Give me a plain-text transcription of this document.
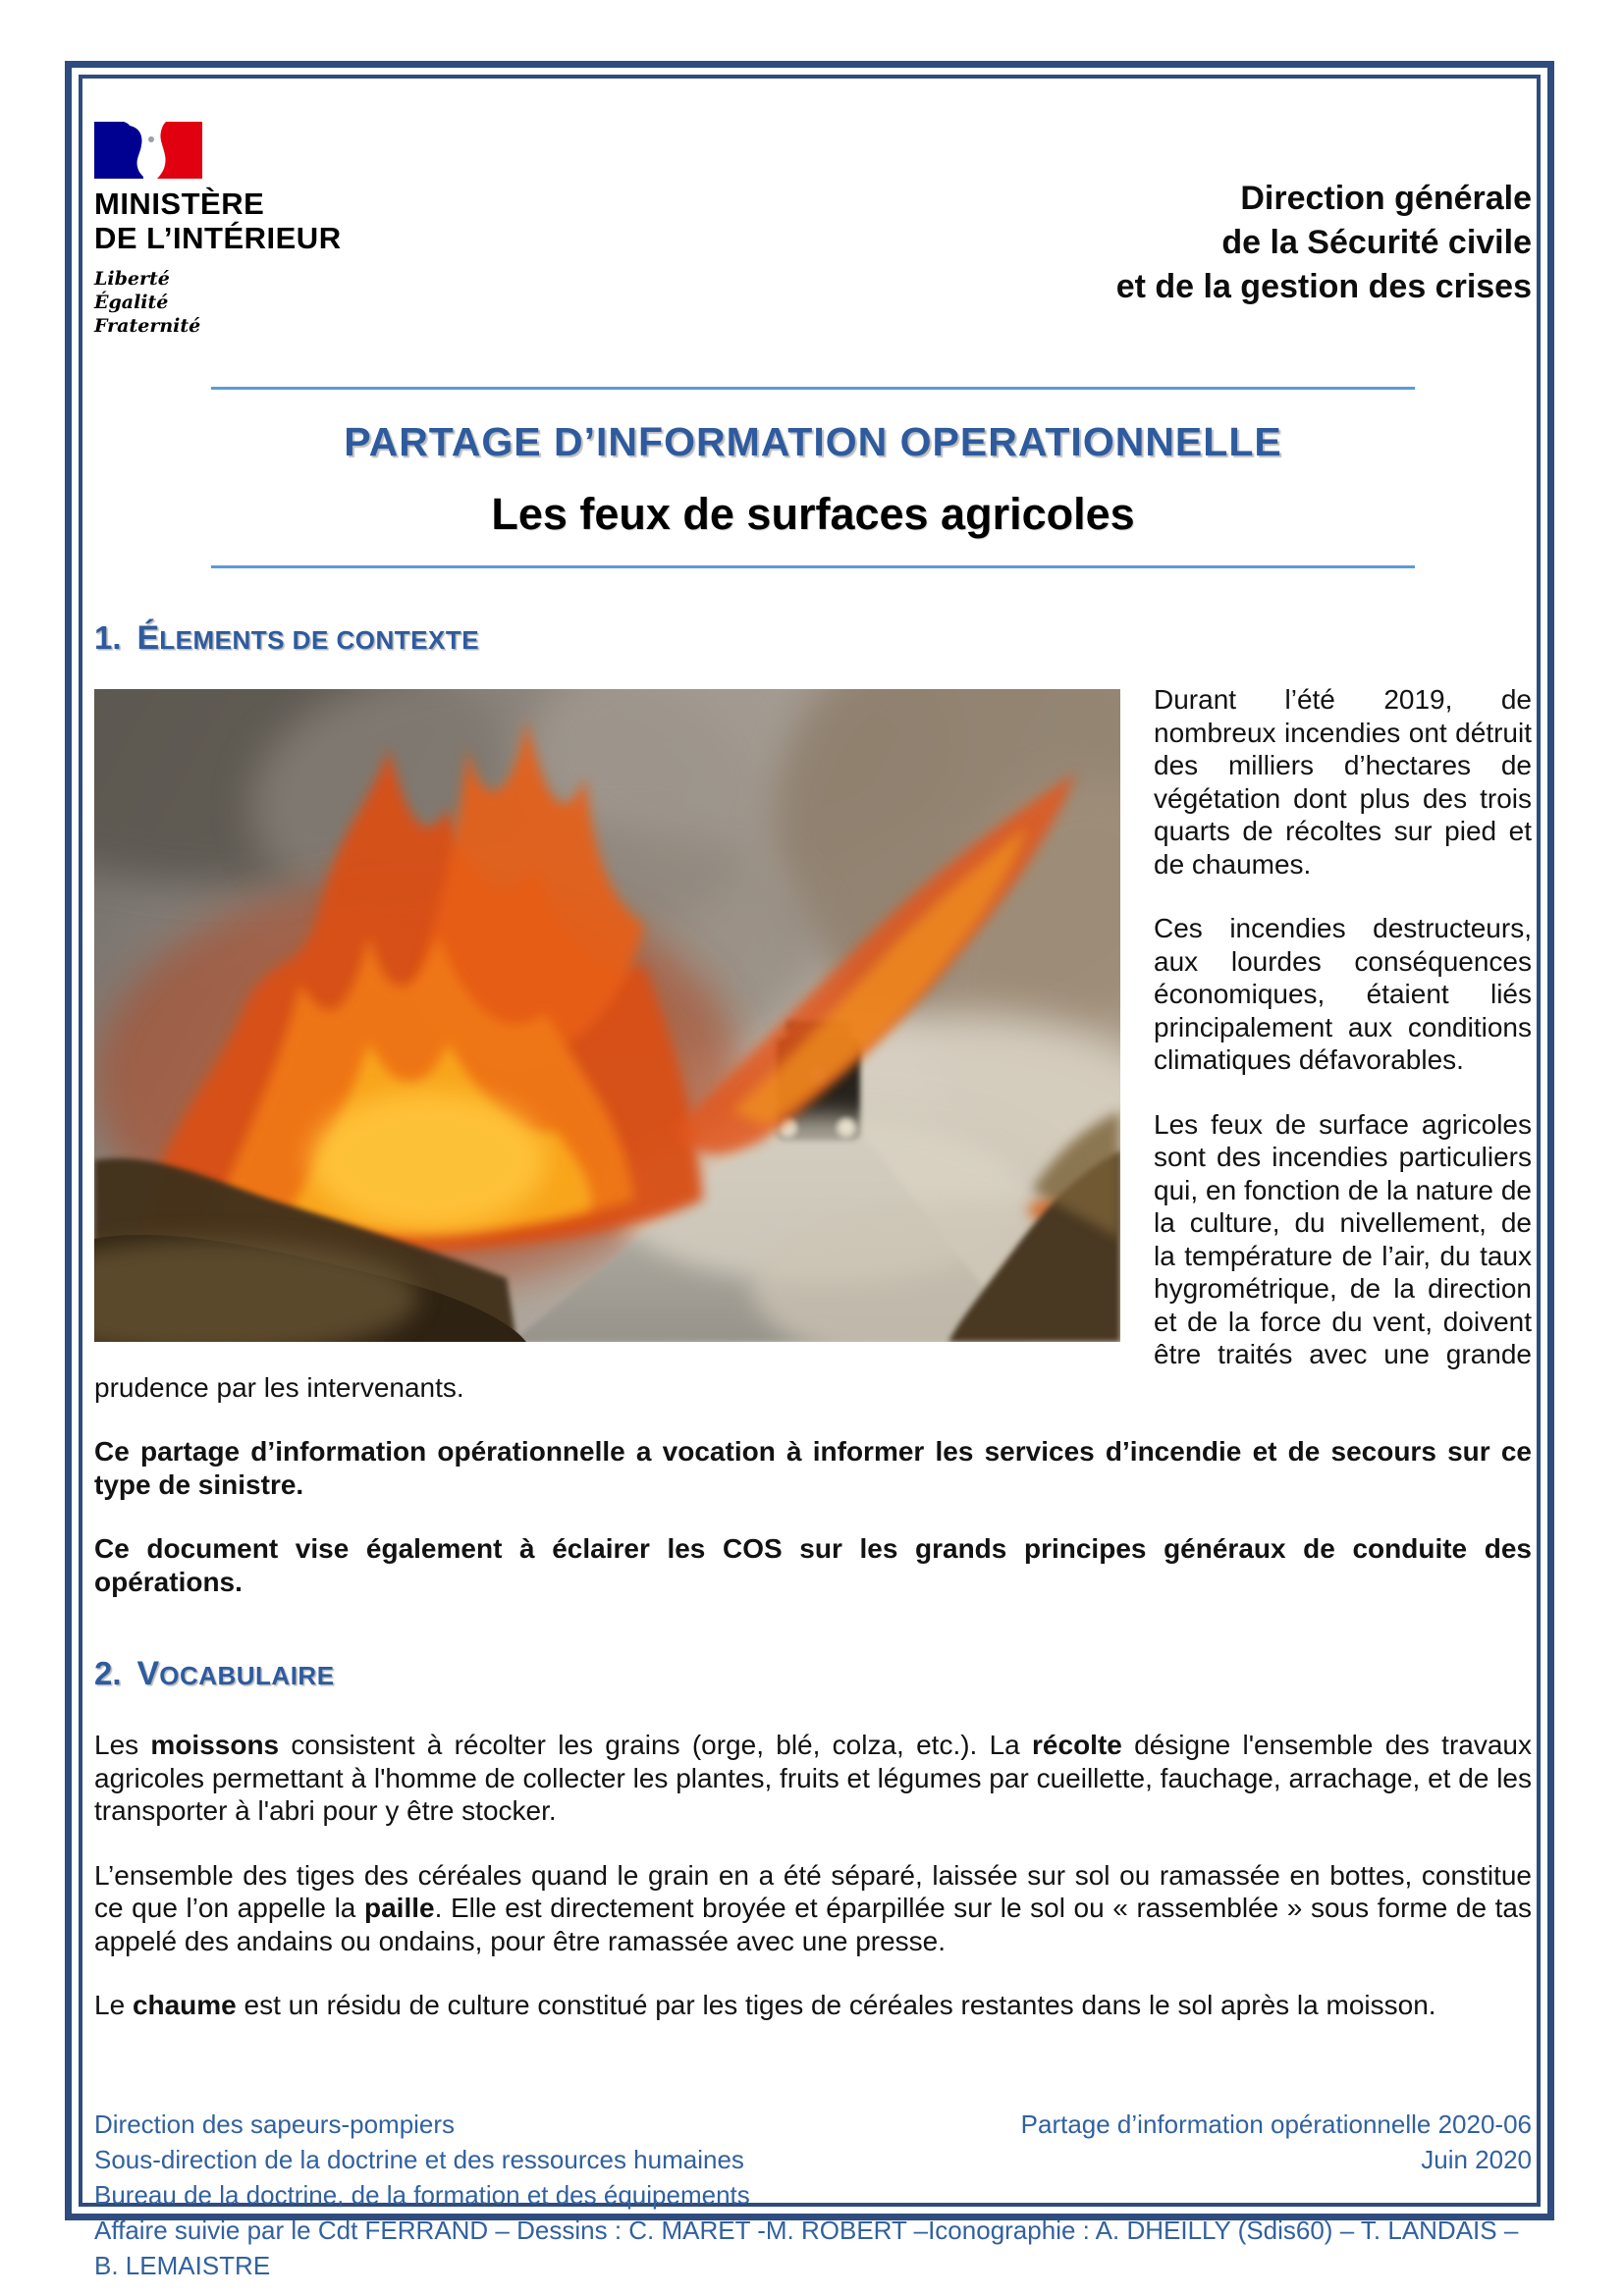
MINISTÈRE
DE L’INTÉRIEUR
Liberté
Égalité
Fraternité
Direction générale
de la Sécurité civile
et de la gestion des crises
PARTAGE D’INFORMATION OPERATIONNELLE
Les feux de surfaces agricoles
1. ÉLEMENTS DE CONTEXTE

Durant l’été 2019, de nombreux incendies ont détruit des milliers d’hectares de végétation dont plus des trois quarts de récoltes sur pied et de chaumes.

Ces incendies destructeurs, aux lourdes conséquences économiques, étaient liés principalement aux conditions climatiques défavorables.

Les feux de surface agricoles sont des incendies particuliers qui, en fonction de la nature de la culture, du nivellement, de la température de l’air, du taux hygrométrique, de la direction et de la force du vent, doivent être traités avec une grande prudence par les intervenants.

Ce partage d’information opérationnelle a vocation à informer les services d’incendie et de secours sur ce type de sinistre.

Ce document vise également à éclairer les COS sur les grands principes généraux de conduite des opérations.

2. VOCABULAIRE

Les moissons consistent à récolter les grains (orge, blé, colza, etc.). La récolte désigne l'ensemble des travaux agricoles permettant à l'homme de collecter les plantes, fruits et légumes par cueillette, fauchage, arrachage, et de les transporter à l'abri pour y être stocker.

L’ensemble des tiges des céréales quand le grain en a été séparé, laissée sur sol ou ramassée en bottes, constitue ce que l’on appelle la paille. Elle est directement broyée et éparpillée sur le sol ou « rassemblée » sous forme de tas appelé des andains ou ondains, pour être ramassée avec une presse.

Le chaume est un résidu de culture constitué par les tiges de céréales restantes dans le sol après la moisson.

Direction des sapeurs-pompiers
Sous-direction de la doctrine et des ressources humaines
Bureau de la doctrine, de la formation et des équipements
Partage d’information opérationnelle 2020-06
Juin 2020
Affaire suivie par le Cdt FERRAND – Dessins : C. MARET -M. ROBERT –Iconographie : A. DHEILLY (Sdis60) – T. LANDAIS – B. LEMAISTRE
